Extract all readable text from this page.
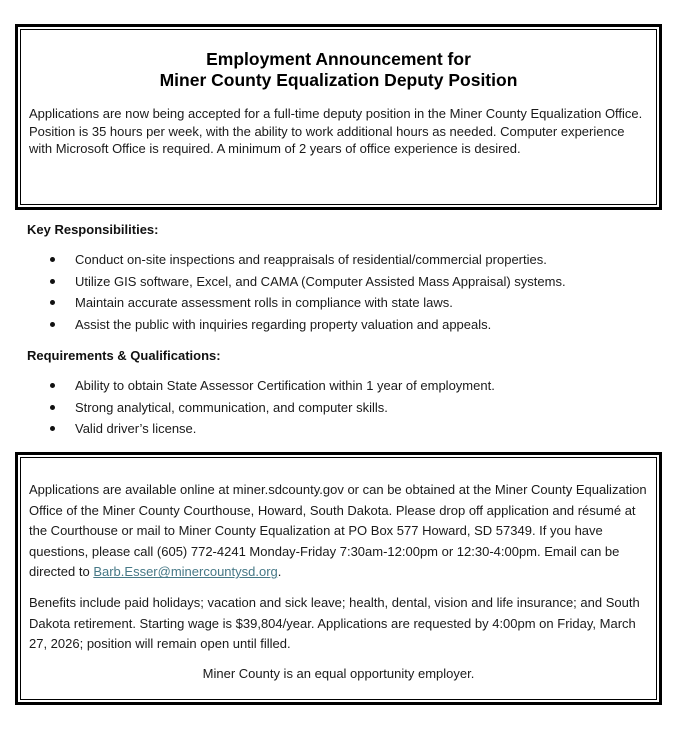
Employment Announcement for
Miner County Equalization Deputy Position
Applications are now being accepted for a full-time deputy position in the Miner County Equalization Office. Position is 35 hours per week, with the ability to work additional hours as needed. Computer experience with Microsoft Office is required. A minimum of 2 years of office experience is desired.
Key Responsibilities:
Conduct on-site inspections and reappraisals of residential/commercial properties.
Utilize GIS software, Excel, and CAMA (Computer Assisted Mass Appraisal) systems.
Maintain accurate assessment rolls in compliance with state laws.
Assist the public with inquiries regarding property valuation and appeals.
Requirements & Qualifications:
Ability to obtain State Assessor Certification within 1 year of employment.
Strong analytical, communication, and computer skills.
Valid driver’s license.
Applications are available online at miner.sdcounty.gov or can be obtained at the Miner County Equalization Office of the Miner County Courthouse, Howard, South Dakota. Please drop off application and résumé at the Courthouse or mail to Miner County Equalization at PO Box 577 Howard, SD 57349. If you have questions, please call (605) 772-4241 Monday-Friday 7:30am-12:00pm or 12:30-4:00pm. Email can be directed to Barb.Esser@minercountysd.org.
Benefits include paid holidays; vacation and sick leave; health, dental, vision and life insurance; and South Dakota retirement. Starting wage is $39,804/year. Applications are requested by 4:00pm on Friday, March 27, 2026; position will remain open until filled.
Miner County is an equal opportunity employer.
